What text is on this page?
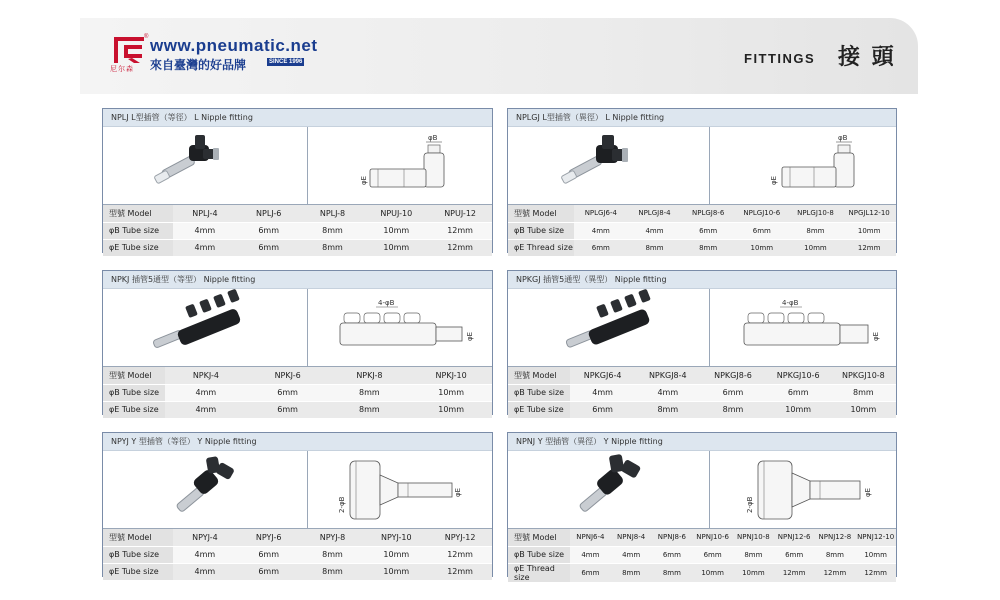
®
尼尔森
www.pneumatic.net
來自臺灣的好品牌	SINCE 1996	FITTINGS 接 頭
NPLJ L型插管（等徑） L Nipple fitting
φB
φE
型號 Model	NPLJ-4	NPLJ-6	NPLJ-8	NPUJ-10	NPUJ-12
φB Tube size	4mm	6mm	8mm	10mm	12mm
φE Tube size	4mm	6mm	8mm	10mm	12mm
NPLGJ L型插管（異徑） L Nipple fitting
φB
φE
型號 Model	NPLGJ6-4	NPLGJ8-4	NPLGJ8-6	NPLGJ10-6	NPLGJ10-8	NPGJL12-10
φB Tube size	4mm	4mm	6mm	6mm	8mm	10mm
φE Thread size	6mm	8mm	8mm	10mm	10mm	12mm
NPKJ 插管5通型（等型） Nipple fitting
4-φB
φE
型號 Model	NPKJ-4	NPKJ-6	NPKJ-8	NPKJ-10
φB Tube size	4mm	6mm	8mm	10mm
φE Tube size	4mm	6mm	8mm	10mm
NPKGJ 插管5通型（異型） Nipple fitting
4-φB
φE
型號 Model	NPKGJ6-4	NPKGJ8-4	NPKGJ8-6	NPKGJ10-6	NPKGJ10-8
φB Tube size	4mm	4mm	6mm	6mm	8mm
φE Tube size	6mm	8mm	8mm	10mm	10mm
NPYJ Y 型插管（等徑） Y Nipple fitting
2-φB
φE
型號 Model	NPYJ-4	NPYJ-6	NPYJ-8	NPYJ-10	NPYJ-12
φB Tube size	4mm	6mm	8mm	10mm	12mm
φE Tube size	4mm	6mm	8mm	10mm	12mm
NPNJ Y 型插管（異徑） Y Nipple fitting
2-φB
φE
型號 Model	NPNJ6-4	NPNJ8-4	NPNJ8-6	NPNJ10-6	NPNJ10-8	NPNJ12-6	NPNJ12-8	NPNJ12-10
φB Tube size	4mm	4mm	6mm	6mm	8mm	6mm	8mm	10mm
φE Thread size	6mm	8mm	8mm	10mm	10mm	12mm	12mm	12mm
